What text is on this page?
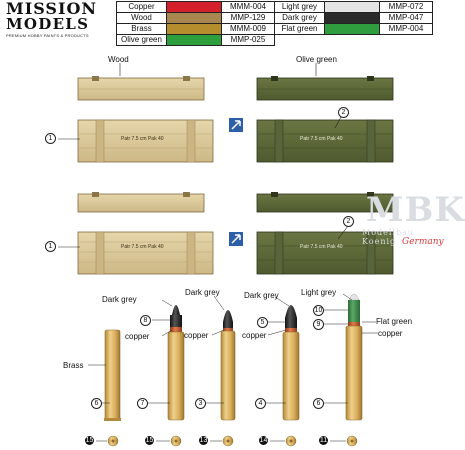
MISSION
MODELS
PREMIUM HOBBY PAINTS & PRODUCTS
Copper		MMM-004	Light grey		MMP-072
Wood		MMP-129	Dark grey		MMP-047
Brass		MMM-009	Flat green		MMP-004
Olive green		MMP-025			
Wood	Olive green
Patr 7.5 cm Pak 40	Patr 7.5 cm Pak 40
Patr 7.5 cm Pak 40	Patr 7.5 cm Pak 40
1
1
2
2 MBK
Modellbau Koenig Germany
Brass
Dark grey
Dark grey	Dark grey	Light grey
Flat green
copper	copper	copper	copper
8	5
10
9
6	7	3	4	6
15	15	13	14	11
